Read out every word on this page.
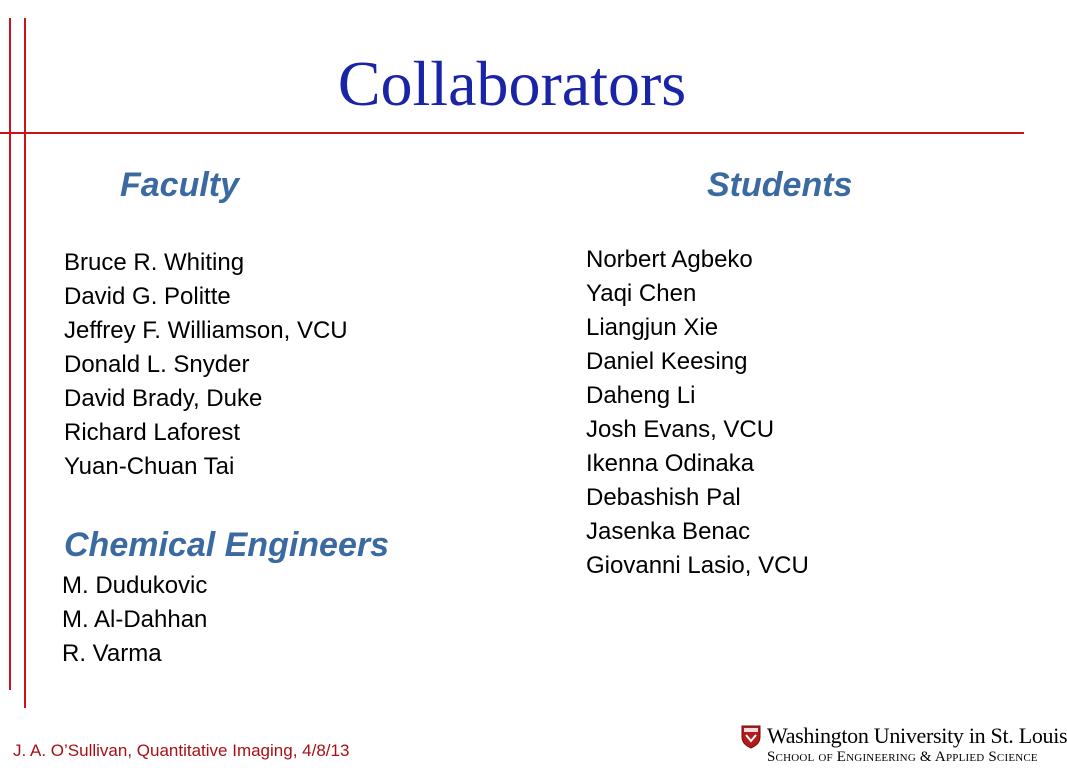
Collaborators
Faculty
Bruce R. Whiting
David G. Politte
Jeffrey F. Williamson, VCU
Donald L. Snyder
David Brady, Duke
Richard Laforest
Yuan-Chuan Tai
Chemical Engineers
M. Dudukovic
M. Al-Dahhan
R. Varma
Students
Norbert Agbeko
Yaqi Chen
Liangjun Xie
Daniel Keesing
Daheng Li
Josh Evans, VCU
Ikenna Odinaka
Debashish Pal
Jasenka Benac
Giovanni Lasio, VCU
J. A. O’Sullivan, Quantitative Imaging, 4/8/13
Washington University in St. Louis
School of Engineering & Applied Science
